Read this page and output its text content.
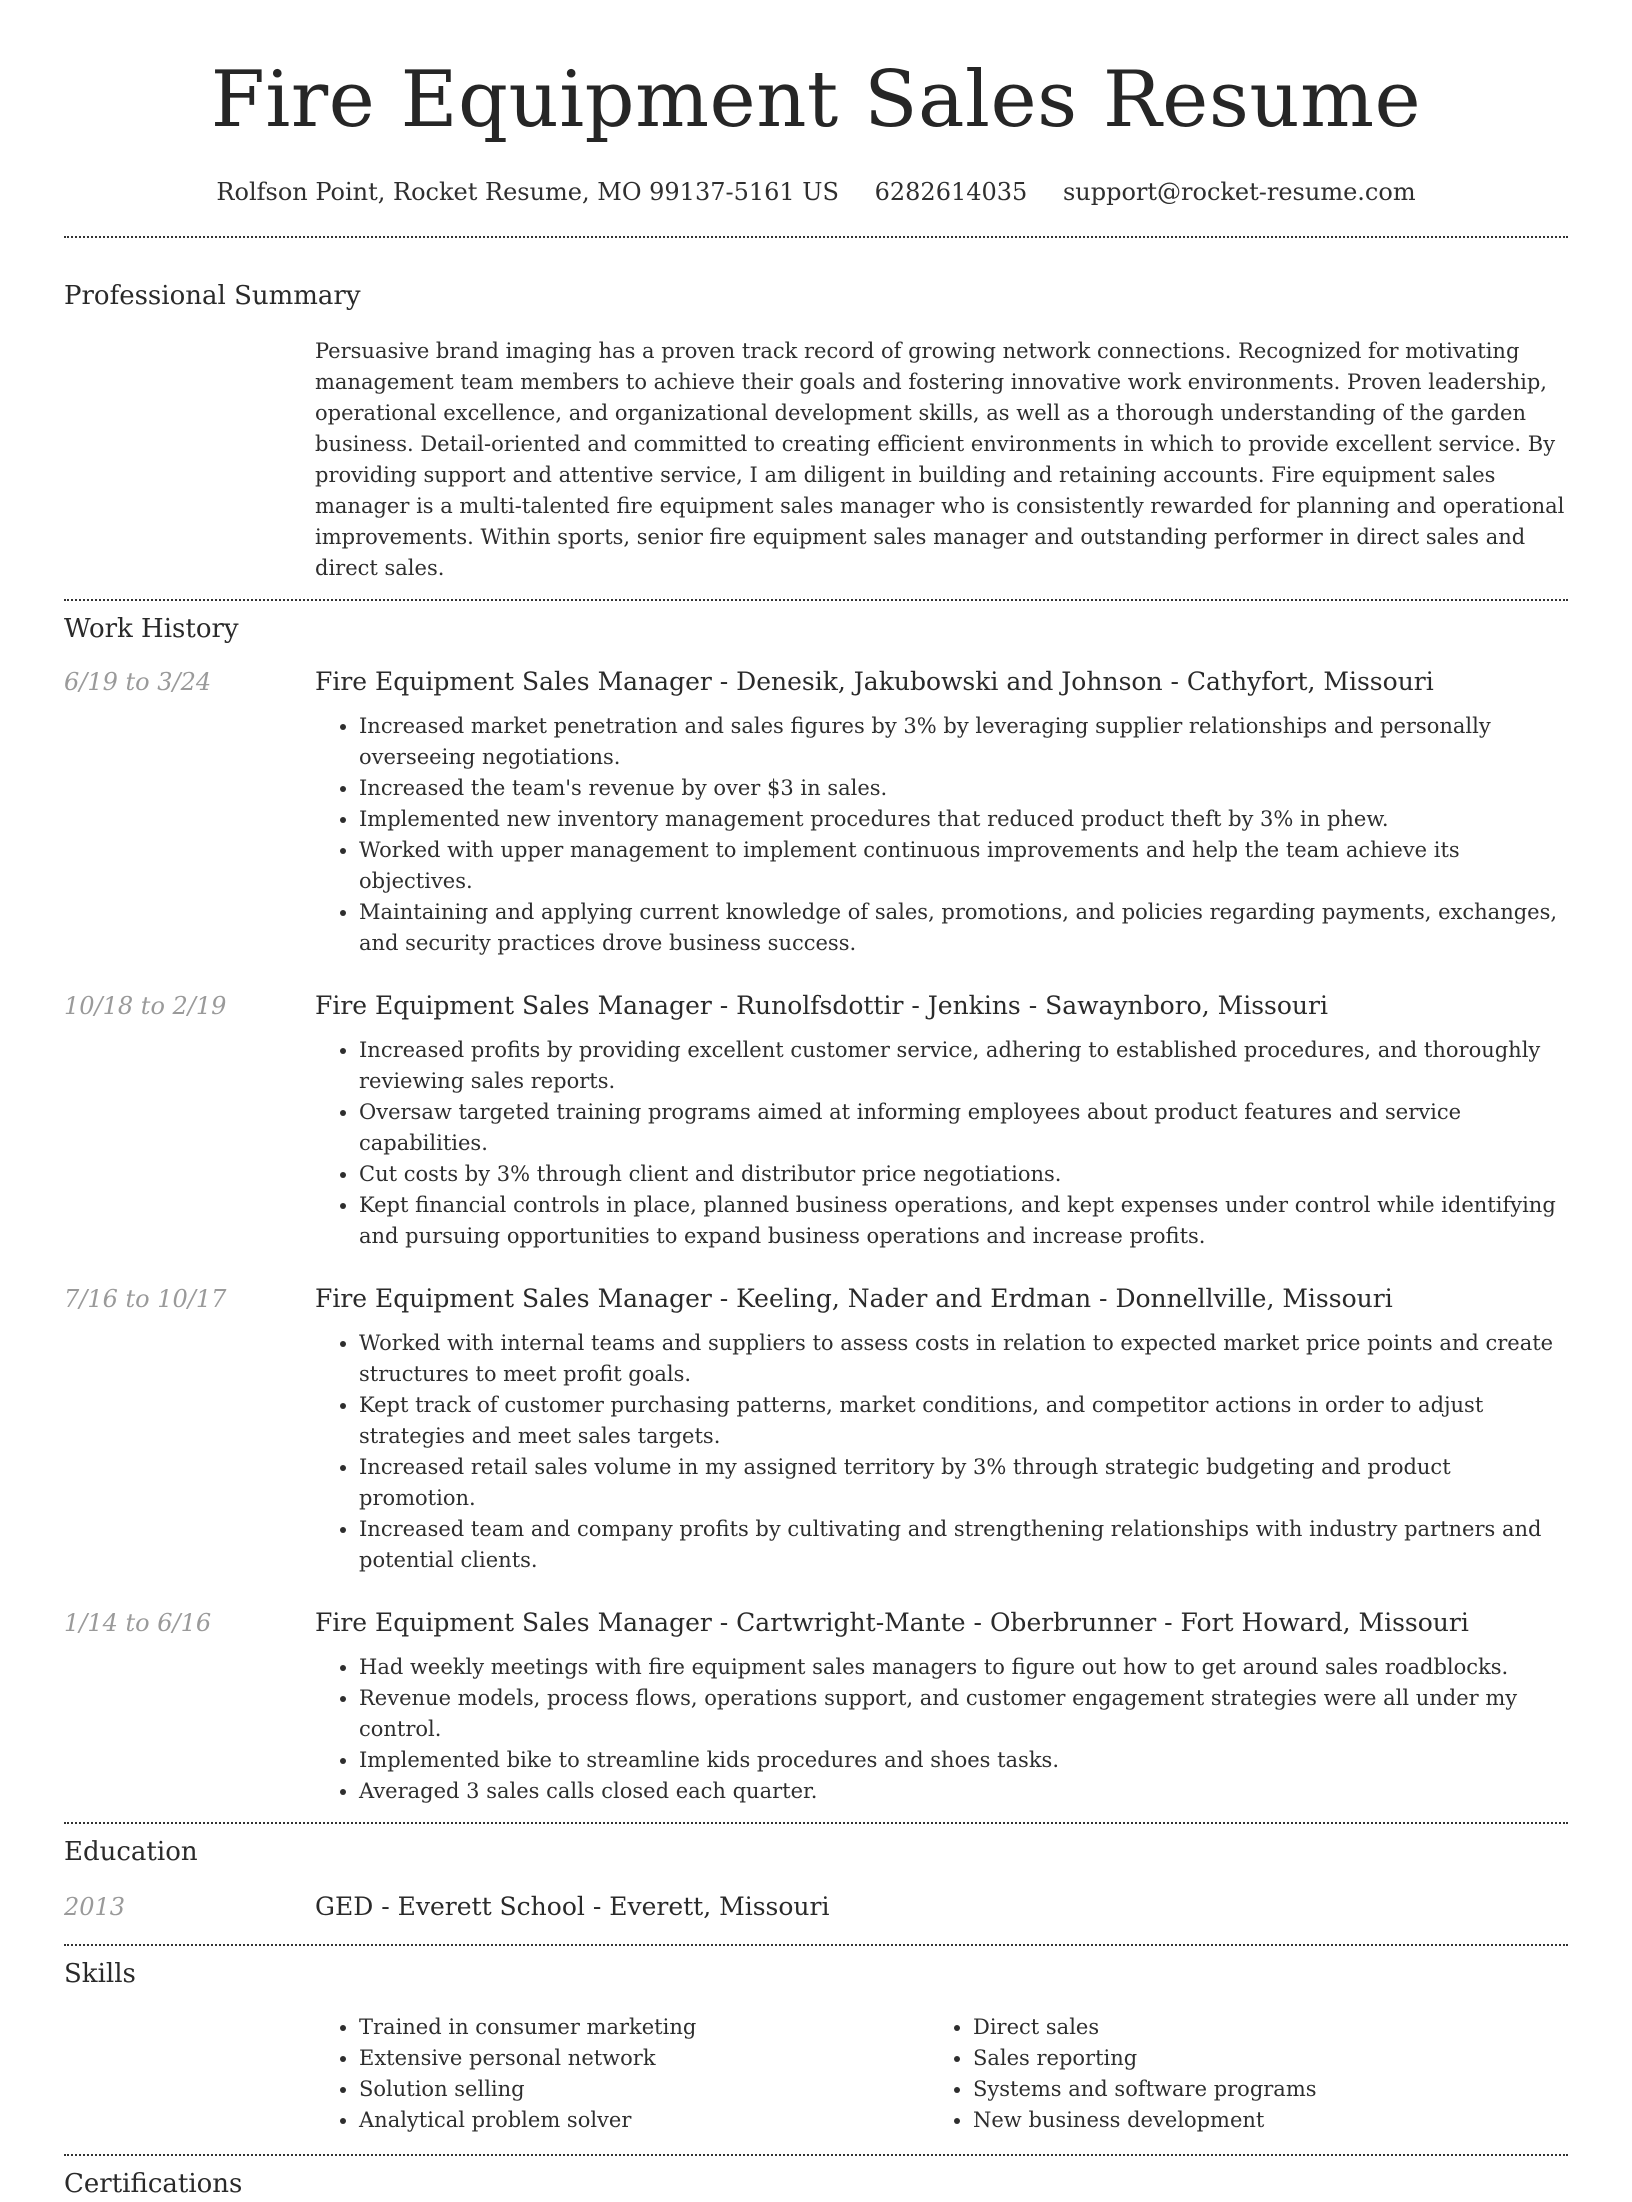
Fire Equipment Sales Resume
Rolfson Point, Rocket Resume, MO 99137-5161 US 6282614035 support@rocket-resume.com
Professional Summary

Persuasive brand imaging has a proven track record of growing network connections. Recognized for motivating management team members to achieve their goals and fostering innovative work environments. Proven leadership, operational excellence, and organizational development skills, as well as a thorough understanding of the garden business. Detail-oriented and committed to creating efficient environments in which to provide excellent service. By providing support and attentive service, I am diligent in building and retaining accounts. Fire equipment sales manager is a multi-talented fire equipment sales manager who is consistently rewarded for planning and operational improvements. Within sports, senior fire equipment sales manager and outstanding performer in direct sales and direct sales.

Work History
6/19 to 3/24	Fire Equipment Sales Manager - Denesik, Jakubowski and Johnson - Cathyfort, Missouri

• Increased market penetration and sales figures by 3% by leveraging supplier relationships and personally overseeing negotiations.
• Increased the team's revenue by over $3 in sales.
• Implemented new inventory management procedures that reduced product theft by 3% in phew.
• Worked with upper management to implement continuous improvements and help the team achieve its objectives.
• Maintaining and applying current knowledge of sales, promotions, and policies regarding payments, exchanges, and security practices drove business success.
10/18 to 2/19	Fire Equipment Sales Manager - Runolfsdottir - Jenkins - Sawaynboro, Missouri

• Increased profits by providing excellent customer service, adhering to established procedures, and thoroughly reviewing sales reports.
• Oversaw targeted training programs aimed at informing employees about product features and service capabilities.
• Cut costs by 3% through client and distributor price negotiations.
• Kept financial controls in place, planned business operations, and kept expenses under control while identifying and pursuing opportunities to expand business operations and increase profits.
7/16 to 10/17	Fire Equipment Sales Manager - Keeling, Nader and Erdman - Donnellville, Missouri

• Worked with internal teams and suppliers to assess costs in relation to expected market price points and create structures to meet profit goals.
• Kept track of customer purchasing patterns, market conditions, and competitor actions in order to adjust strategies and meet sales targets.
• Increased retail sales volume in my assigned territory by 3% through strategic budgeting and product promotion.
• Increased team and company profits by cultivating and strengthening relationships with industry partners and potential clients.
1/14 to 6/16	Fire Equipment Sales Manager - Cartwright-Mante - Oberbrunner - Fort Howard, Missouri

• Had weekly meetings with fire equipment sales managers to figure out how to get around sales roadblocks.
• Revenue models, process flows, operations support, and customer engagement strategies were all under my control.
• Implemented bike to streamline kids procedures and shoes tasks.
• Averaged 3 sales calls closed each quarter.
Education
2013	GED - Everett School - Everett, Missouri

Skills
• Trained in consumer marketing
• Extensive personal network
• Solution selling
• Analytical problem solver
• Direct sales
• Sales reporting
• Systems and software programs
• New business development
Certifications
